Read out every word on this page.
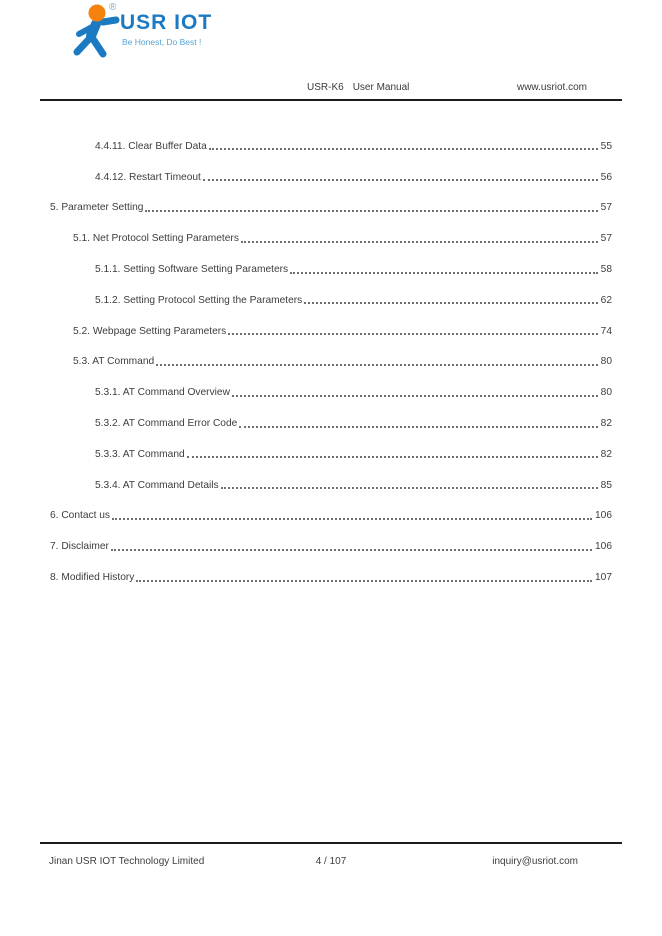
®
USR IOT
Be Honest, Do Best !
USR-K6 User Manual	www.usriot.com
4.4.11. Clear Buffer Data	55
4.4.12. Restart Timeout	56
5. Parameter Setting	57
5.1. Net Protocol Setting Parameters	57
5.1.1. Setting Software Setting Parameters	58
5.1.2. Setting Protocol Setting the Parameters	62
5.2. Webpage Setting Parameters	74
5.3. AT Command	80
5.3.1. AT Command Overview	80
5.3.2. AT Command Error Code	82
5.3.3. AT Command	82
5.3.4. AT Command Details	85
6. Contact us	106
7. Disclaimer	106
8. Modified History	107
Jinan USR IOT Technology Limited	4 / 107	inquiry@usriot.com
